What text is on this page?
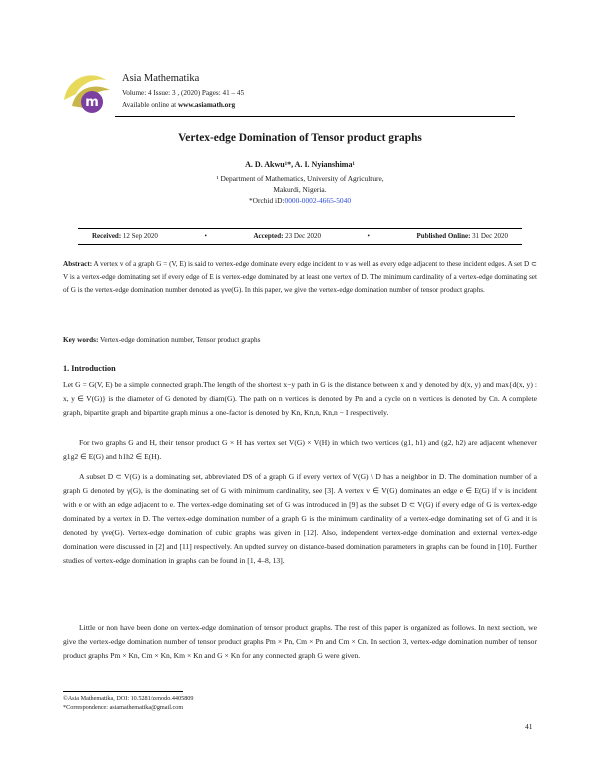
m
Asia Mathematika
Volume: 4 Issue: 3 , (2020) Pages: 41 – 45
Available online at www.asiamath.org
Vertex-edge Domination of Tensor product graphs
A. D. Akwu¹*, A. I. Nyianshima¹
¹ Department of Mathematics, University of Agriculture,
Makurdi, Nigeria.
*Orchid iD:0000-0002-4665-5040
Received: 12 Sep 2020	•	Accepted: 23 Dec 2020	•	Published Online: 31 Dec 2020
Abstract: A vertex v of a graph G = (V, E) is said to vertex-edge dominate every edge incident to v as well as every edge adjacent to these incident edges. A set D ⊂ V is a vertex-edge dominating set if every edge of E is vertex-edge dominated by at least one vertex of D. The minimum cardinality of a vertex-edge dominating set of G is the vertex-edge domination number denoted as γve(G). In this paper, we give the vertex-edge domination number of tensor product graphs.
Key words: Vertex-edge domination number, Tensor product graphs
1. Introduction
Let G = G(V, E) be a simple connected graph.The length of the shortest x−y path in G is the distance between x and y denoted by d(x, y) and max{d(x, y) : x, y ∈ V(G)} is the diameter of G denoted by diam(G). The path on n vertices is denoted by Pn and a cycle on n vertices is denoted by Cn. A complete graph, bipartite graph and bipartite graph minus a one-factor is denoted by Kn, Kn,n, Kn,n − I respectively.
For two graphs G and H, their tensor product G × H has vertex set V(G) × V(H) in which two vertices (g1, h1) and (g2, h2) are adjacent whenever g1g2 ∈ E(G) and h1h2 ∈ E(H).
A subset D ⊂ V(G) is a dominating set, abbreviated DS of a graph G if every vertex of V(G) \ D has a neighbor in D. The domination number of a graph G denoted by γ(G), is the dominating set of G with minimum cardinality, see [3]. A vertex v ∈ V(G) dominates an edge e ∈ E(G) if v is incident with e or with an edge adjacent to e. The vertex-edge dominating set of G was introduced in [9] as the subset D ⊂ V(G) if every edge of G is vertex-edge dominated by a vertex in D. The vertex-edge domination number of a graph G is the minimum cardinality of a vertex-edge dominating set of G and it is denoted by γve(G). Vertex-edge domination of cubic graphs was given in [12]. Also, independent vertex-edge domination and external vertex-edge domination were discussed in [2] and [11] respectively. An updted survey on distance-based domination parameters in graphs can be found in [10]. Further studies of vertex-edge domination in graphs can be found in [1, 4–8, 13].
Little or non have been done on vertex-edge domination of tensor product graphs. The rest of this paper is organized as follows. In next section, we give the vertex-edge domination number of tensor product graphs Pm × Pn, Cm × Pn and Cm × Cn. In section 3, vertex-edge domination number of tensor product graphs Pm × Kn, Cm × Kn, Km × Kn and G × Kn for any connected graph G were given.
©Asia Mathematika, DOI: 10.5281/zenodo.4405809
*Correspondence: asiamathematika@gmail.com
41
